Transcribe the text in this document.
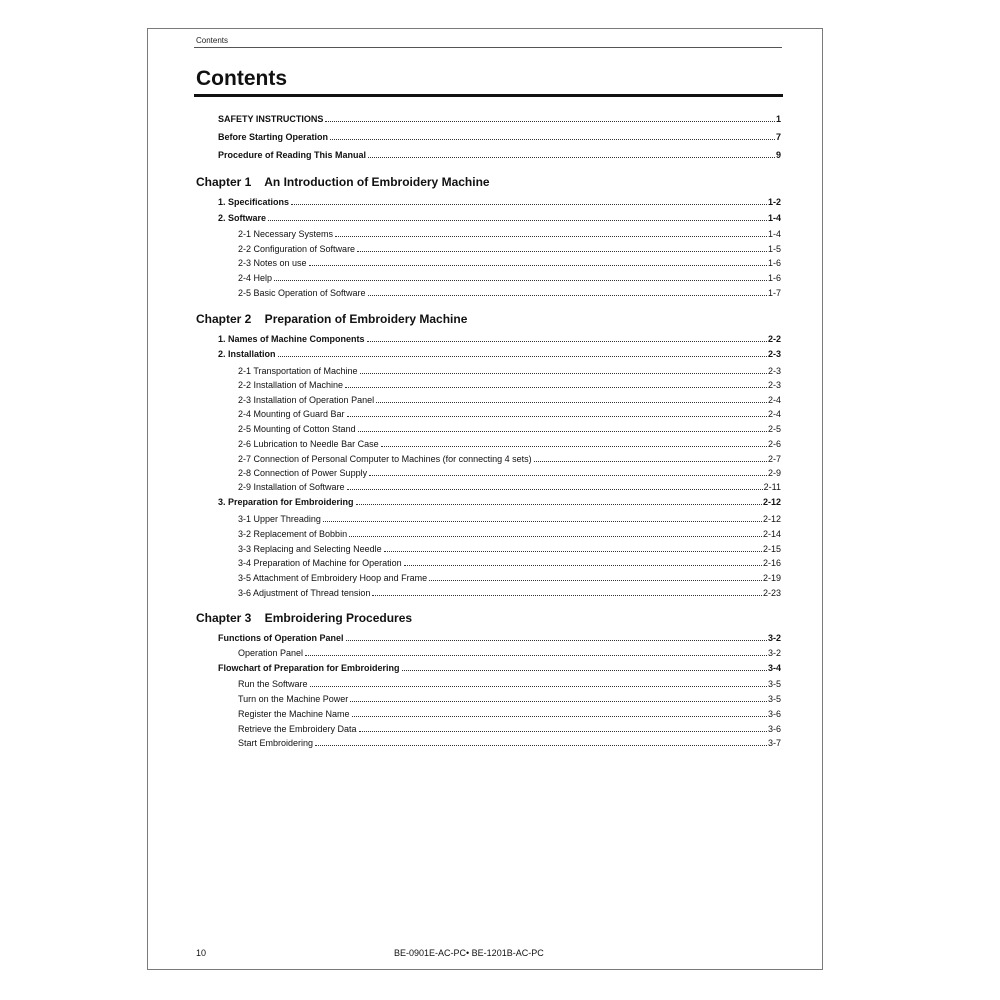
Contents
Contents
SAFETY INSTRUCTIONS	1
Before Starting Operation	7
Procedure of Reading This Manual	9
Chapter 1    An Introduction of Embroidery Machine
1. Specifications	1-2
2. Software	1-4
2-1 Necessary Systems	1-4
2-2 Configuration of Software	1-5
2-3 Notes on use	1-6
2-4 Help	1-6
2-5 Basic Operation of Software	1-7
Chapter 2    Preparation of Embroidery Machine
1. Names of Machine Components	2-2
2. Installation	2-3
2-1 Transportation of Machine	2-3
2-2 Installation of Machine	2-3
2-3 Installation of Operation Panel	2-4
2-4 Mounting of Guard Bar	2-4
2-5 Mounting of Cotton Stand	2-5
2-6 Lubrication to Needle Bar Case	2-6
2-7 Connection of Personal Computer to Machines (for connecting 4 sets)	2-7
2-8 Connection of Power Supply	2-9
2-9 Installation of Software	2-11
3. Preparation for Embroidering	2-12
3-1 Upper Threading	2-12
3-2 Replacement of Bobbin	2-14
3-3 Replacing and Selecting Needle	2-15
3-4 Preparation of Machine for Operation	2-16
3-5 Attachment of Embroidery Hoop and Frame	2-19
3-6 Adjustment of Thread tension	2-23
Chapter 3    Embroidering Procedures
Functions of Operation Panel	3-2
Operation Panel	3-2
Flowchart of Preparation for Embroidering	3-4
Run the Software	3-5
Turn on the Machine Power	3-5
Register the Machine Name	3-6
Retrieve the Embroidery Data	3-6
Start Embroidering	3-7
10	BE-0901E-AC-PC• BE-1201B-AC-PC
